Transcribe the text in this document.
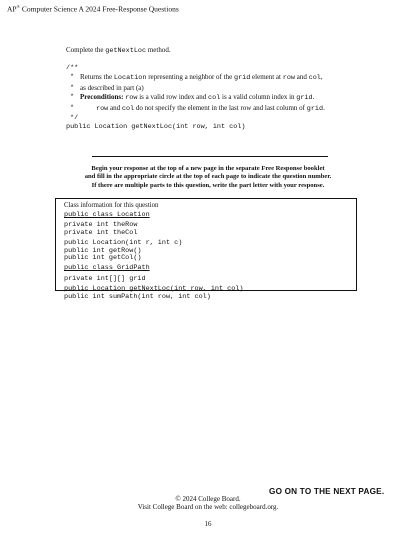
AP® Computer Science A 2024 Free-Response Questions
Complete the getNextLoc method.
/**
* Returns the Location representing a neighbor of the grid element at row and col,
* as described in part (a)
* Preconditions: row is a valid row index and col is a valid column index in grid.
*	row and col do not specify the element in the last row and last column of grid.
*/
public Location getNextLoc(int row, int col)
Begin your response at the top of a new page in the separate Free Response booklet
and fill in the appropriate circle at the top of each page to indicate the question number.
If there are multiple parts to this question, write the part letter with your response.
Class information for this question
public class Location
private int theRow
private int theCol
public Location(int r, int c)
public int getRow()
public int getCol()
public class GridPath
private int[][] grid
public Location getNextLoc(int row, int col)
public int sumPath(int row, int col)
GO ON TO THE NEXT PAGE.
© 2024 College Board.
Visit College Board on the web: collegeboard.org.
16
